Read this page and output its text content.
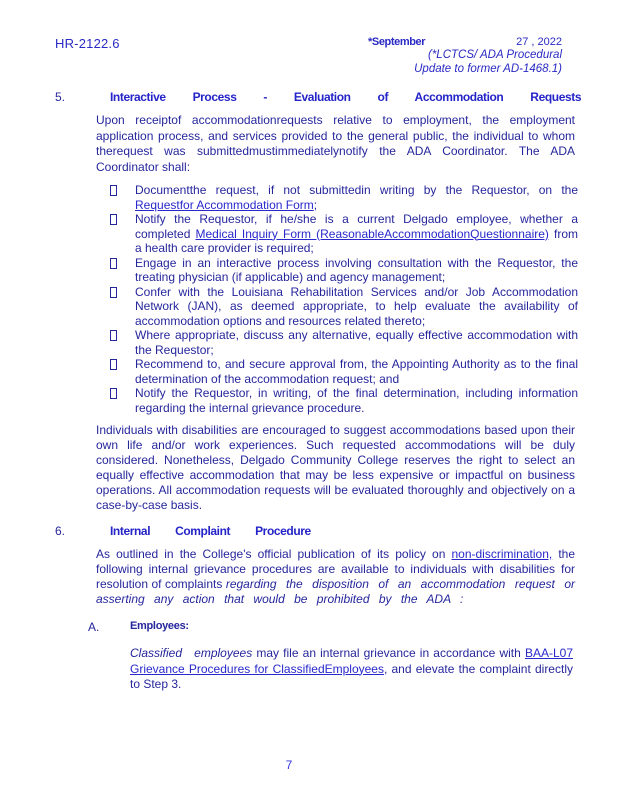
HR-2122.6	*September	27 , 2022
(*LCTCS/ ADA Procedural
Update to former AD-1468.1)
5.	Interactive Process - Evaluation of Accommodation Requests

Upon receiptof accommodationrequests relative to employment, the employment application process, and services provided to the general public, the individual to whom therequest was submittedmustimmediatelynotify the ADA Coordinator. The ADA Coordinator shall:

Documentthe request, if not submittedin writing by the Requestor, on the Requestfor Accommodation Form;
Notify the Requestor, if he/she is a current Delgado employee, whether a completed Medical Inquiry Form (ReasonableAccommodationQuestionnaire) from a health care provider is required;
Engage in an interactive process involving consultation with the Requestor, the treating physician (if applicable) and agency management;
Confer with the Louisiana Rehabilitation Services and/or Job Accommodation Network (JAN), as deemed appropriate, to help evaluate the availability of accommodation options and resources related thereto;
Where appropriate, discuss any alternative, equally effective accommodation with the Requestor;
Recommend to, and secure approval from, the Appointing Authority as to the final determination of the accommodation request; and
Notify the Requestor, in writing, of the final determination, including information regarding the internal grievance procedure.

Individuals with disabilities are encouraged to suggest accommodations based upon their own life and/or work experiences. Such requested accommodations will be duly considered. Nonetheless, Delgado Community College reserves the right to select an equally effective accommodation that may be less expensive or impactful on business operations. All accommodation requests will be evaluated thoroughly and objectively on a case-by-case basis.

6.	Internal Complaint Procedure

As outlined in the College's official publication of its policy on non-discrimination, the following internal grievance procedures are available to individuals with disabilities for resolution of complaints regarding the disposition of an accommodation request or asserting any action that would be prohibited by the ADA :

A.	Employees:

Classified employees may file an internal grievance in accordance with BAA-L07 Grievance Procedures for ClassifiedEmployees, and elevate the complaint directly to Step 3.

7
